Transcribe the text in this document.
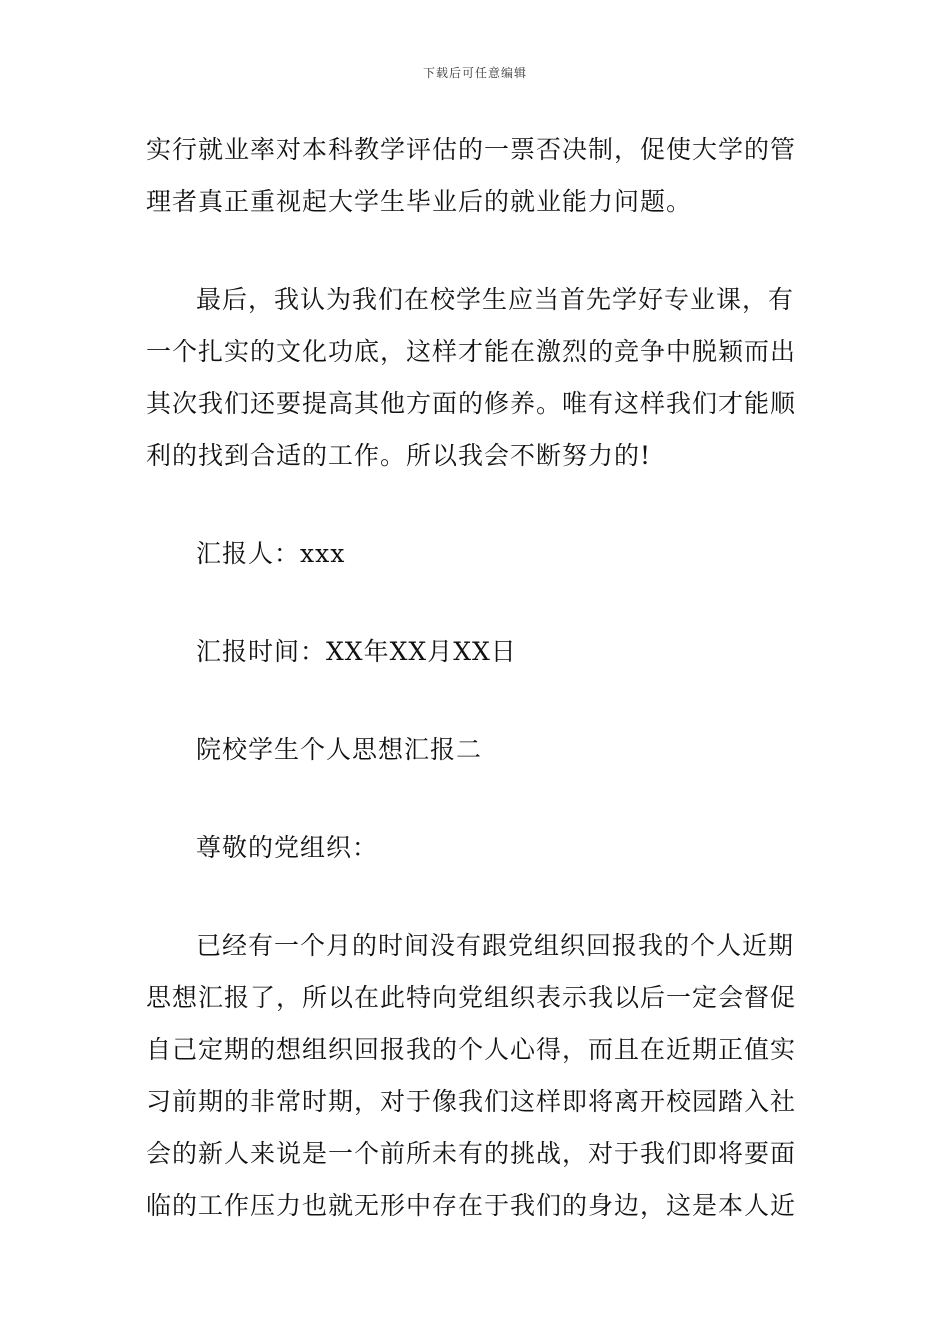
下载后可任意编辑

实行就业率对本科教学评估的一票否决制，促使大学的管
理者真正重视起大学生毕业后的就业能力问题。

最后，我认为我们在校学生应当首先学好专业课，有
一个扎实的文化功底，这样才能在激烈的竞争中脱颖而出
其次我们还要提高其他方面的修养。唯有这样我们才能顺
利的找到合适的工作。所以我会不断努力的!

汇报人：xxx

汇报时间：XX年XX月XX日

院校学生个人思想汇报二

尊敬的党组织：

已经有一个月的时间没有跟党组织回报我的个人近期
思想汇报了，所以在此特向党组织表示我以后一定会督促
自己定期的想组织回报我的个人心得，而且在近期正值实
习前期的非常时期，对于像我们这样即将离开校园踏入社
会的新人来说是一个前所未有的挑战，对于我们即将要面
临的工作压力也就无形中存在于我们的身边，这是本人近
